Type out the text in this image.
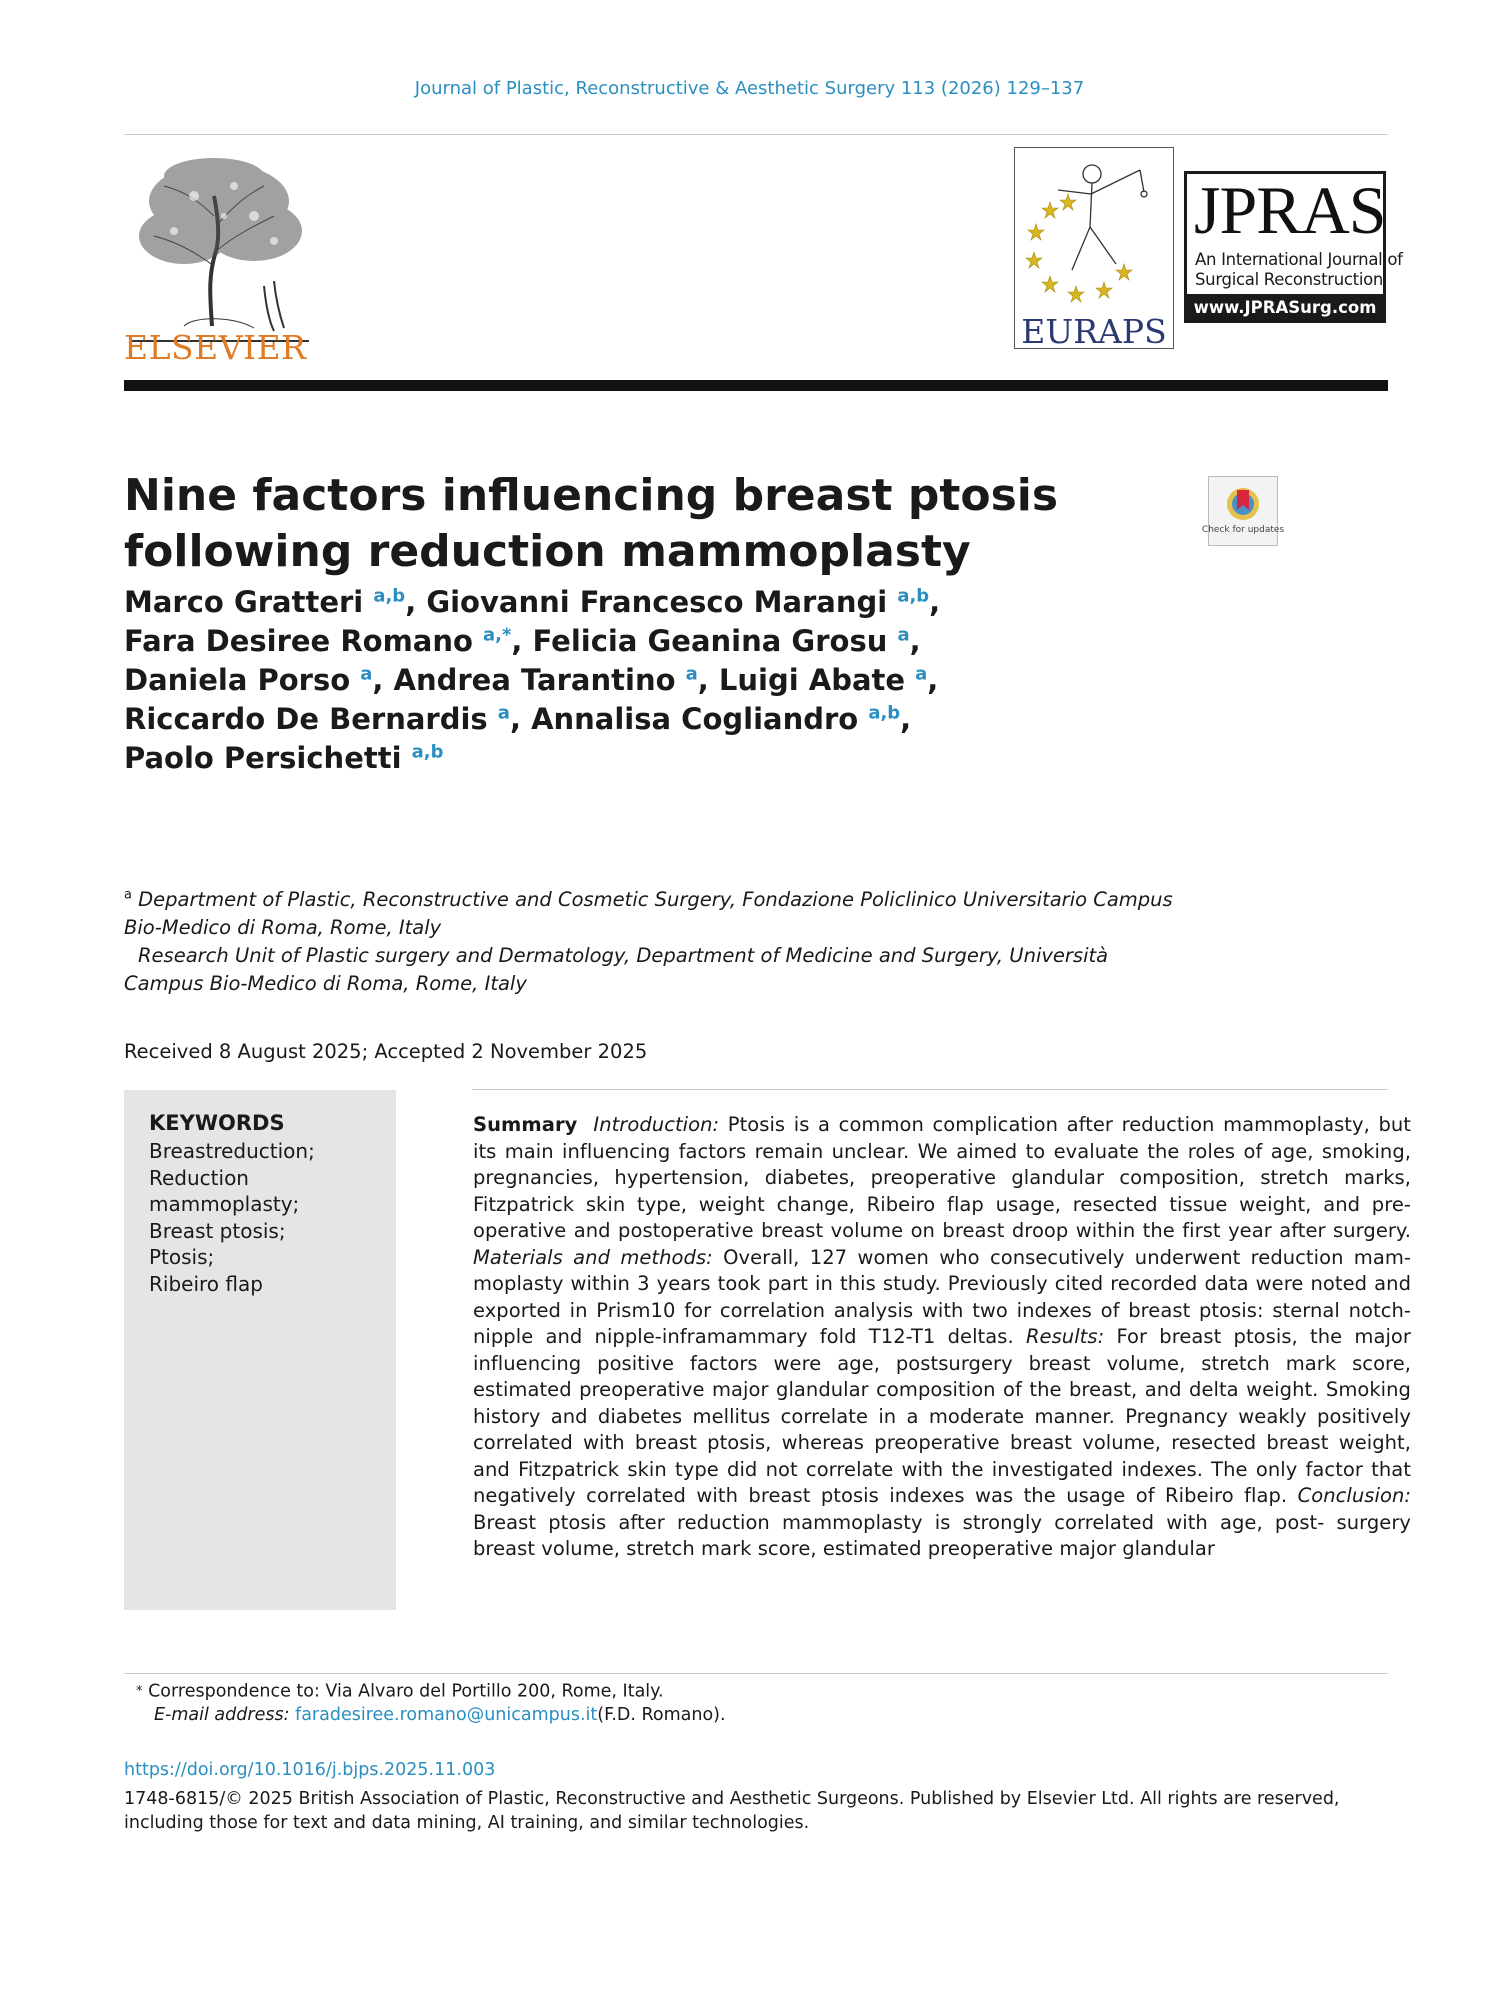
Journal of Plastic, Reconstructive & Aesthetic Surgery 113 (2026) 129–137
ELSEVIER	EURAPS
JPRAS
An International Journal of
Surgical Reconstruction
www.JPRASurg.com
Check for updates
Nine factors influencing breast ptosis following reduction mammoplasty
Marco Gratteri $^{a,b}$, Giovanni Francesco Marangi $^{a,b}$,
Fara Desiree Romano $^{a,*}$, Felicia Geanina Grosu $^a$,
Daniela Porso $^a$, Andrea Tarantino $^a$, Luigi Abate $^a$,
Riccardo De Bernardis $^a$, Annalisa Cogliandro $^{a,b}$,
Paolo Persichetti $^{a,b}$
$^a$ Department of Plastic, Reconstructive and Cosmetic Surgery, Fondazione Policlinico Universitario Campus Bio-Medico di Roma, Rome, Italy
Research Unit of Plastic surgery and Dermatology, Department of Medicine and Surgery, Università Campus Bio-Medico di Roma, Rome, Italy
Received 8 August 2025; Accepted 2 November 2025
KEYWORDS
Breastreduction;
Reduction
mammoplasty;
Breast ptosis;
Ptosis;
Ribeiro flap
Summary Introduction: Ptosis is a common complication after reduction mammoplasty, but its main influencing factors remain unclear. We aimed to evaluate the roles of age, smoking, pregnancies, hypertension, diabetes, preoperative glandular composition, stretch marks, Fitzpatrick skin type, weight change, Ribeiro flap usage, resected tissue weight, and pre-operative and postoperative breast volume on breast droop within the first year after surgery. Materials and methods: Overall, 127 women who consecutively underwent reduction mam-moplasty within 3 years took part in this study. Previously cited recorded data were noted and exported in Prism10 for correlation analysis with two indexes of breast ptosis: sternal notch-nipple and nipple-inframammary fold T12-T1 deltas. Results: For breast ptosis, the major influencing positive factors were age, postsurgery breast volume, stretch mark score, estimated preoperative major glandular composition of the breast, and delta weight. Smoking history and diabetes mellitus correlate in a moderate manner. Pregnancy weakly positively correlated with breast ptosis, whereas preoperative breast volume, resected breast weight, and Fitzpatrick skin type did not correlate with the investigated indexes. The only factor that negatively correlated with breast ptosis indexes was the usage of Ribeiro flap. Conclusion: Breast ptosis after reduction mammoplasty is strongly correlated with age, post- surgery breast volume, stretch mark score, estimated preoperative major glandular
* Correspondence to: Via Alvaro del Portillo 200, Rome, Italy.
E-mail address: faradesiree.romano@unicampus.it(F.D. Romano).
https://doi.org/10.1016/j.bjps.2025.11.003
1748-6815/© 2025 British Association of Plastic, Reconstructive and Aesthetic Surgeons. Published by Elsevier Ltd. All rights are reserved, including those for text and data mining, AI training, and similar technologies.
